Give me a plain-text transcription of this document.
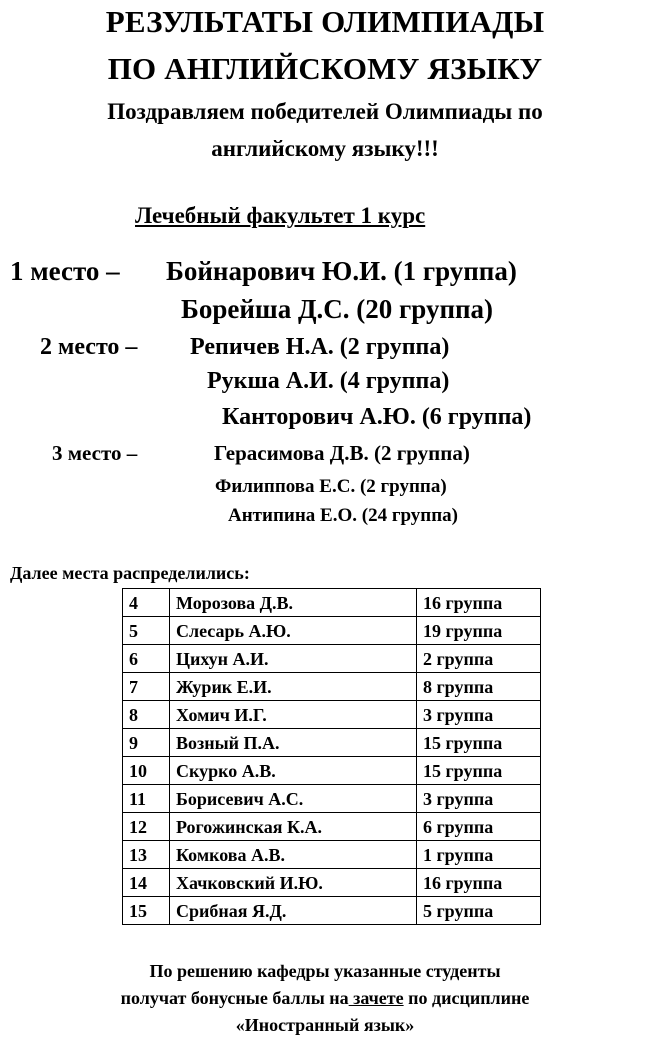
РЕЗУЛЬТАТЫ ОЛИМПИАДЫ
ПО АНГЛИЙСКОМУ ЯЗЫКУ
Поздравляем победителей Олимпиады по
английскому языку!!!
Лечебный факультет 1 курс
1 место – Бойнарович Ю.И. (1 группа)
Борейша Д.С. (20 группа)
2 место – Репичев Н.А. (2 группа)
Рукша А.И. (4 группа)
Канторович А.Ю. (6 группа)
3 место –	Герасимова Д.В. (2 группа)
Филиппова Е.С. (2 группа)
Антипина Е.О. (24 группа)
Далее места распределились:
4	Морозова Д.В.	16 группа
5	Слесарь А.Ю.	19 группа
6	Цихун А.И.	2 группа
7	Журик Е.И.	8 группа
8	Хомич И.Г.	3 группа
9	Возный П.А.	15 группа
10	Скурко А.В.	15 группа
11	Борисевич А.С.	3 группа
12	Рогожинская К.А.	6 группа
13	Комкова А.В.	1 группа
14	Хачковский И.Ю.	16 группа
15	Срибная Я.Д.	5 группа
По решению кафедры указанные студенты
получат бонусные баллы на зачете по дисциплине
«Иностранный язык»
